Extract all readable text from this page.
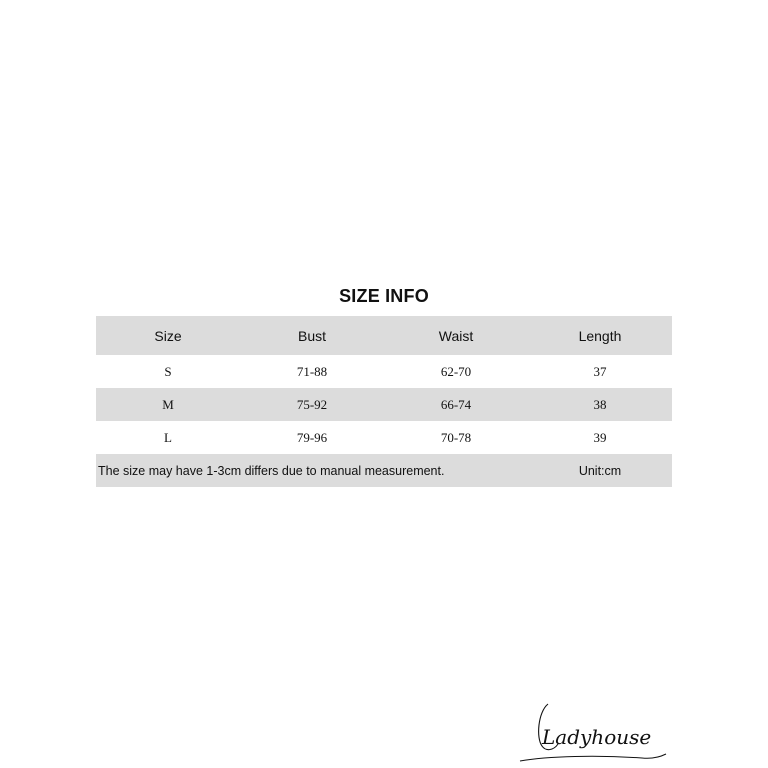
SIZE INFO
Size	Bust	Waist	Length
S	71-88	62-70	37
M	75-92	66-74	38
L	79-96	70-78	39
The size may have 1-3cm differs due to manual measurement.			Unit:cm
Ladyhouse
